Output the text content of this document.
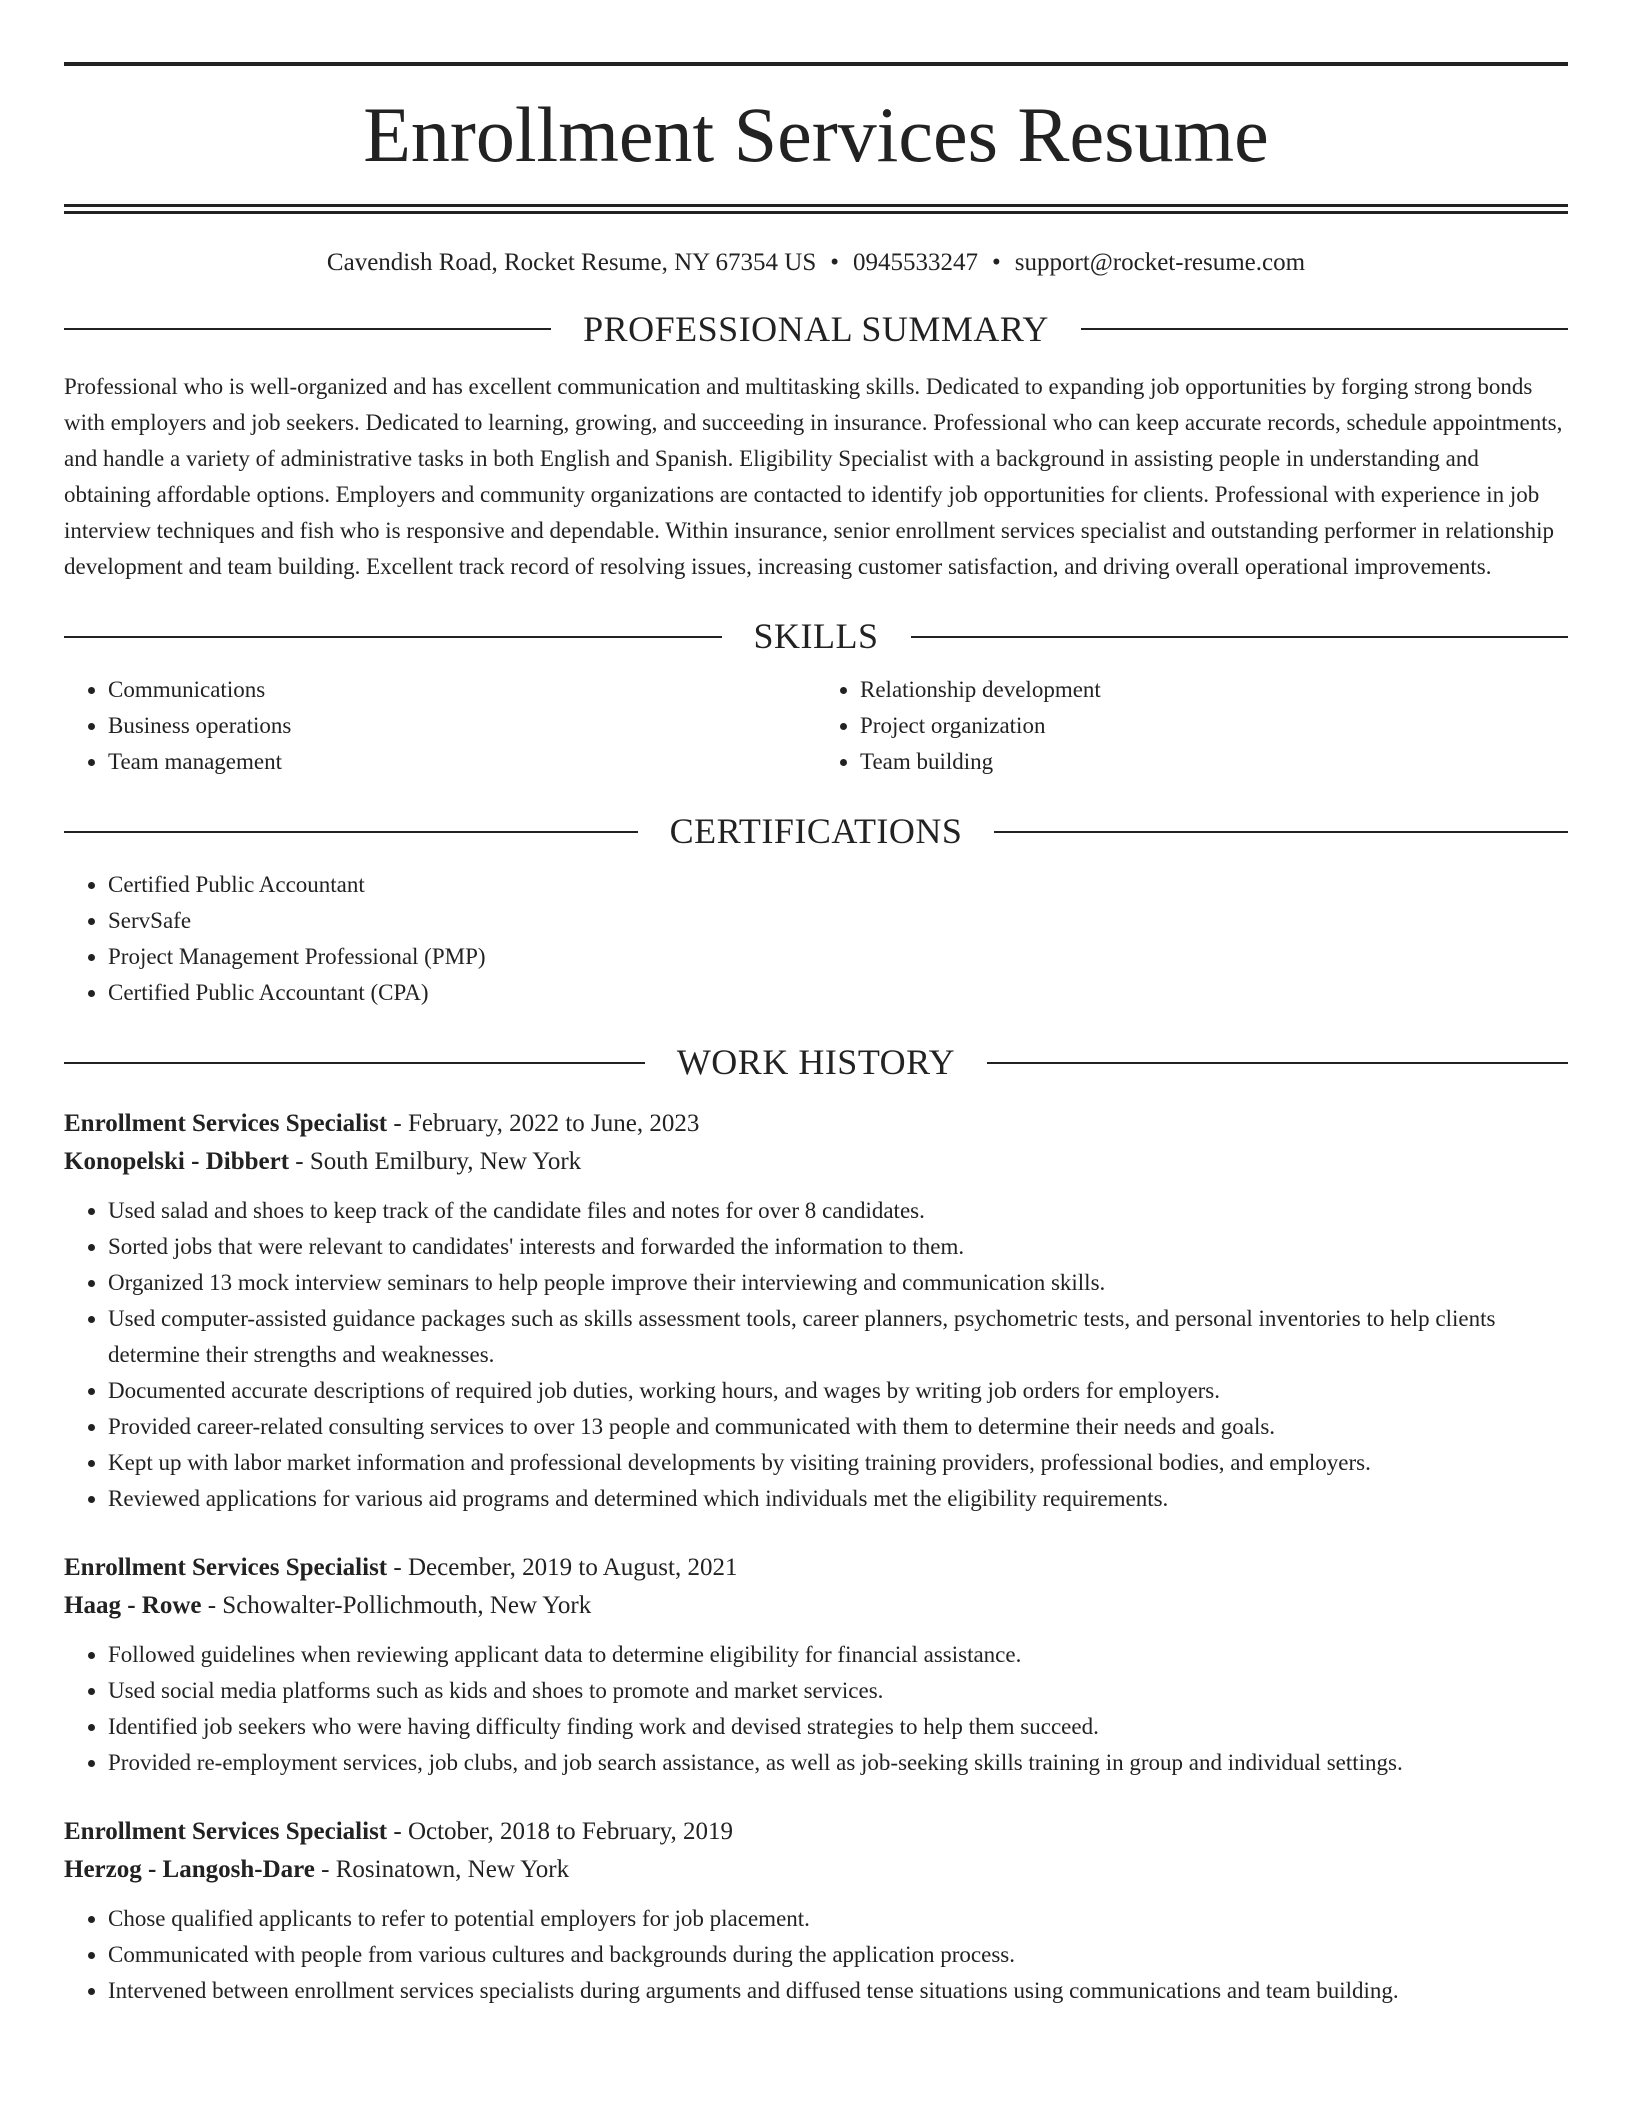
Enrollment Services Resume
Cavendish Road, Rocket Resume, NY 67354 US • 0945533247 • support@rocket-resume.com
PROFESSIONAL SUMMARY

Professional who is well-organized and has excellent communication and multitasking skills. Dedicated to expanding job opportunities by forging strong bonds with employers and job seekers. Dedicated to learning, growing, and succeeding in insurance. Professional who can keep accurate records, schedule appointments, and handle a variety of administrative tasks in both English and Spanish. Eligibility Specialist with a background in assisting people in understanding and obtaining affordable options. Employers and community organizations are contacted to identify job opportunities for clients. Professional with experience in job interview techniques and fish who is responsive and dependable. Within insurance, senior enrollment services specialist and outstanding performer in relationship development and team building. Excellent track record of resolving issues, increasing customer satisfaction, and driving overall operational improvements.

SKILLS
• Communications
• Business operations
• Team management
• Relationship development
• Project organization
• Team building
CERTIFICATIONS
• Certified Public Accountant
• ServSafe
• Project Management Professional (PMP)
• Certified Public Accountant (CPA)
WORK HISTORY
Enrollment Services Specialist - February, 2022 to June, 2023
Konopelski - Dibbert - South Emilbury, New York
• Used salad and shoes to keep track of the candidate files and notes for over 8 candidates.
• Sorted jobs that were relevant to candidates' interests and forwarded the information to them.
• Organized 13 mock interview seminars to help people improve their interviewing and communication skills.
• Used computer-assisted guidance packages such as skills assessment tools, career planners, psychometric tests, and personal inventories to help clients determine their strengths and weaknesses.
• Documented accurate descriptions of required job duties, working hours, and wages by writing job orders for employers.
• Provided career-related consulting services to over 13 people and communicated with them to determine their needs and goals.
• Kept up with labor market information and professional developments by visiting training providers, professional bodies, and employers.
• Reviewed applications for various aid programs and determined which individuals met the eligibility requirements.
Enrollment Services Specialist - December, 2019 to August, 2021
Haag - Rowe - Schowalter-Pollichmouth, New York
• Followed guidelines when reviewing applicant data to determine eligibility for financial assistance.
• Used social media platforms such as kids and shoes to promote and market services.
• Identified job seekers who were having difficulty finding work and devised strategies to help them succeed.
• Provided re-employment services, job clubs, and job search assistance, as well as job-seeking skills training in group and individual settings.
Enrollment Services Specialist - October, 2018 to February, 2019
Herzog - Langosh-Dare - Rosinatown, New York
• Chose qualified applicants to refer to potential employers for job placement.
• Communicated with people from various cultures and backgrounds during the application process.
• Intervened between enrollment services specialists during arguments and diffused tense situations using communications and team building.
